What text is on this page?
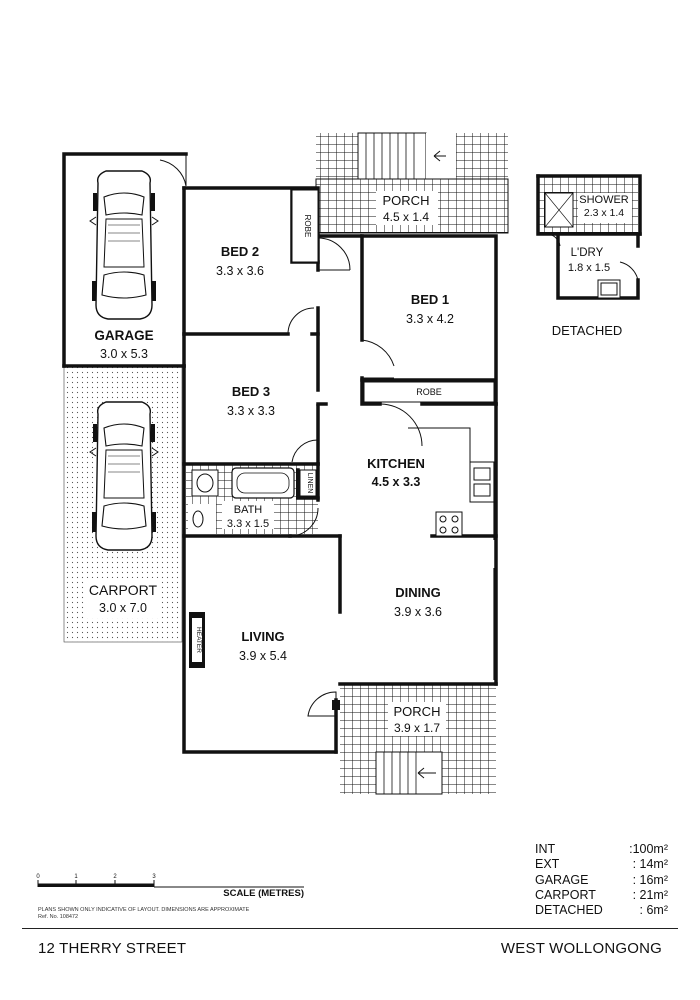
GARAGE
3.0 x 5.3
CARPORT
3.0 x 7.0
BED 2
3.3 x 3.6
BED 1
3.3 x 4.2
BED 3
3.3 x 3.3
KITCHEN
4.5 x 3.3
BATH
3.3 x 1.5
DINING
3.9 x 3.6
LIVING
3.9 x 5.4
PORCH
4.5 x 1.4
PORCH
3.9 x 1.7
SHOWER
2.3 x 1.4
L'DRY
1.8 x 1.5
DETACHED
ROBE
ROBE
LINEN
HEATER
0	1	2	3
SCALE (METRES)
PLANS SHOWN ONLY INDICATIVE OF LAYOUT. DIMENSIONS ARE APPROXIMATE
Ref. No. 108472
INT	:100m²
EXT	: 14m²
GARAGE	: 16m²
CARPORT	: 21m²
DETACHED	: 6m²
12 THERRY STREET	WEST WOLLONGONG
